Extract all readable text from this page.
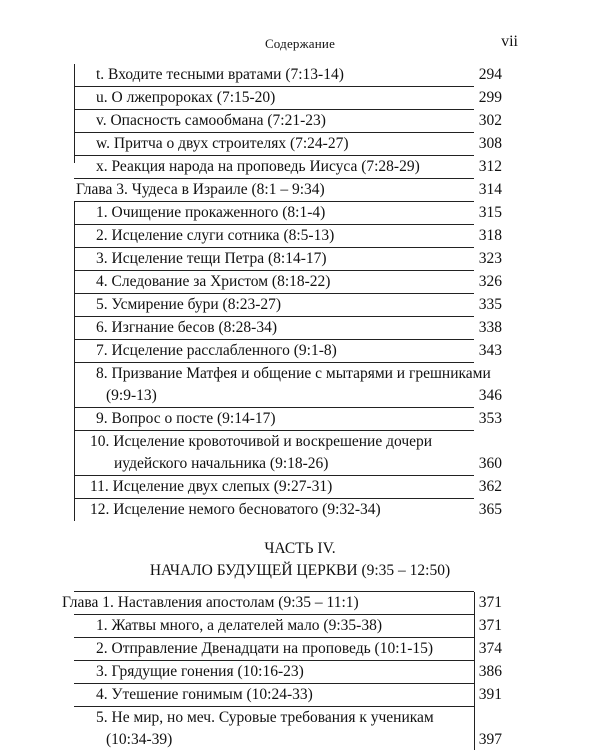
Содержание	vii
t. Входите тесными вратами (7:13-14)	294
u. О лжепророках (7:15-20)	299
v. Опасность самообмана (7:21-23)	302
w. Притча о двух строителях (7:24-27)	308
x. Реакция народа на проповедь Иисуса (7:28-29)	312
Глава 3. Чудеса в Израиле (8:1 – 9:34)	314
1. Очищение прокаженного (8:1-4)	315
2. Исцеление слуги сотника (8:5-13)	318
3. Исцеление тещи Петра (8:14-17)	323
4. Следование за Христом (8:18-22)	326
5. Усмирение бури (8:23-27)	335
6. Изгнание бесов (8:28-34)	338
7. Исцеление расслабленного (9:1-8)	343
8. Призвание Матфея и общение с мытарями и грешниками
(9:9-13)	346
9. Вопрос о посте (9:14-17)	353
10. Исцеление кровоточивой и воскрешение дочери
иудейского начальника (9:18-26)	360
11. Исцеление двух слепых (9:27-31)	362
12. Исцеление немого бесноватого (9:32-34)	365
ЧАСТЬ IV.
НАЧАЛО БУДУЩЕЙ ЦЕРКВИ (9:35 – 12:50)
Глава 1. Наставления апостолам (9:35 – 11:1)	371
1. Жатвы много, а делателей мало (9:35-38)	371
2. Отправление Двенадцати на проповедь (10:1-15)	374
3. Грядущие гонения (10:16-23)	386
4. Утешение гонимым (10:24-33)	391
5. Не мир, но меч. Суровые требования к ученикам
(10:34-39)	397
